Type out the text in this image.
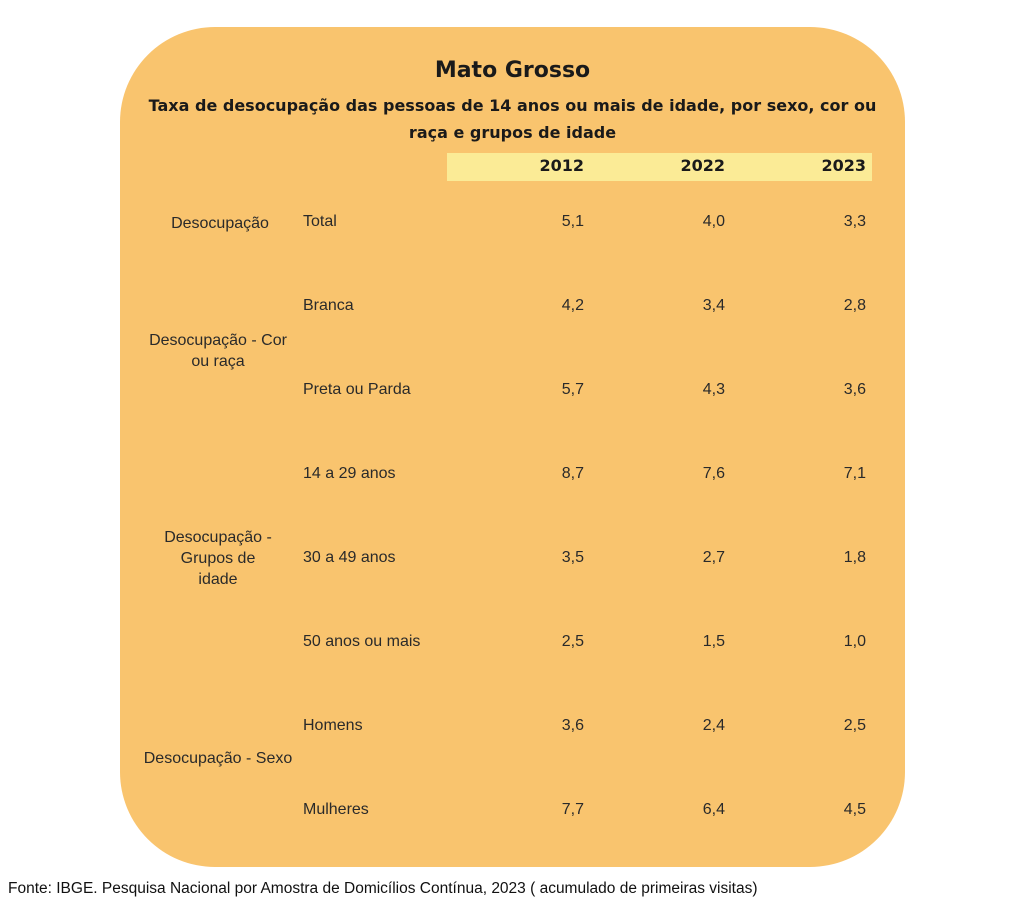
Mato Grosso

Taxa de desocupação das pessoas de 14 anos ou mais de idade, por sexo, cor ou raça e grupos de idade

Fonte: IBGE. Pesquisa Nacional por Amostra de Domicílios Contínua, 2023 ( acumulado de primeiras visitas)
2012	2022	2023
Desocupação	Total	5,1	4,0	3,3
Desocupação - Cor ou raça
Branca	4,2	3,4	2,8
Preta ou Parda	5,7	4,3	3,6
Desocupação - Grupos de idade
14 a 29 anos	8,7	7,6	7,1
30 a 49 anos	3,5	2,7	1,8
50 anos ou mais	2,5	1,5	1,0
Desocupação - Sexo
Homens	3,6	2,4	2,5
Mulheres	7,7	6,4	4,5
